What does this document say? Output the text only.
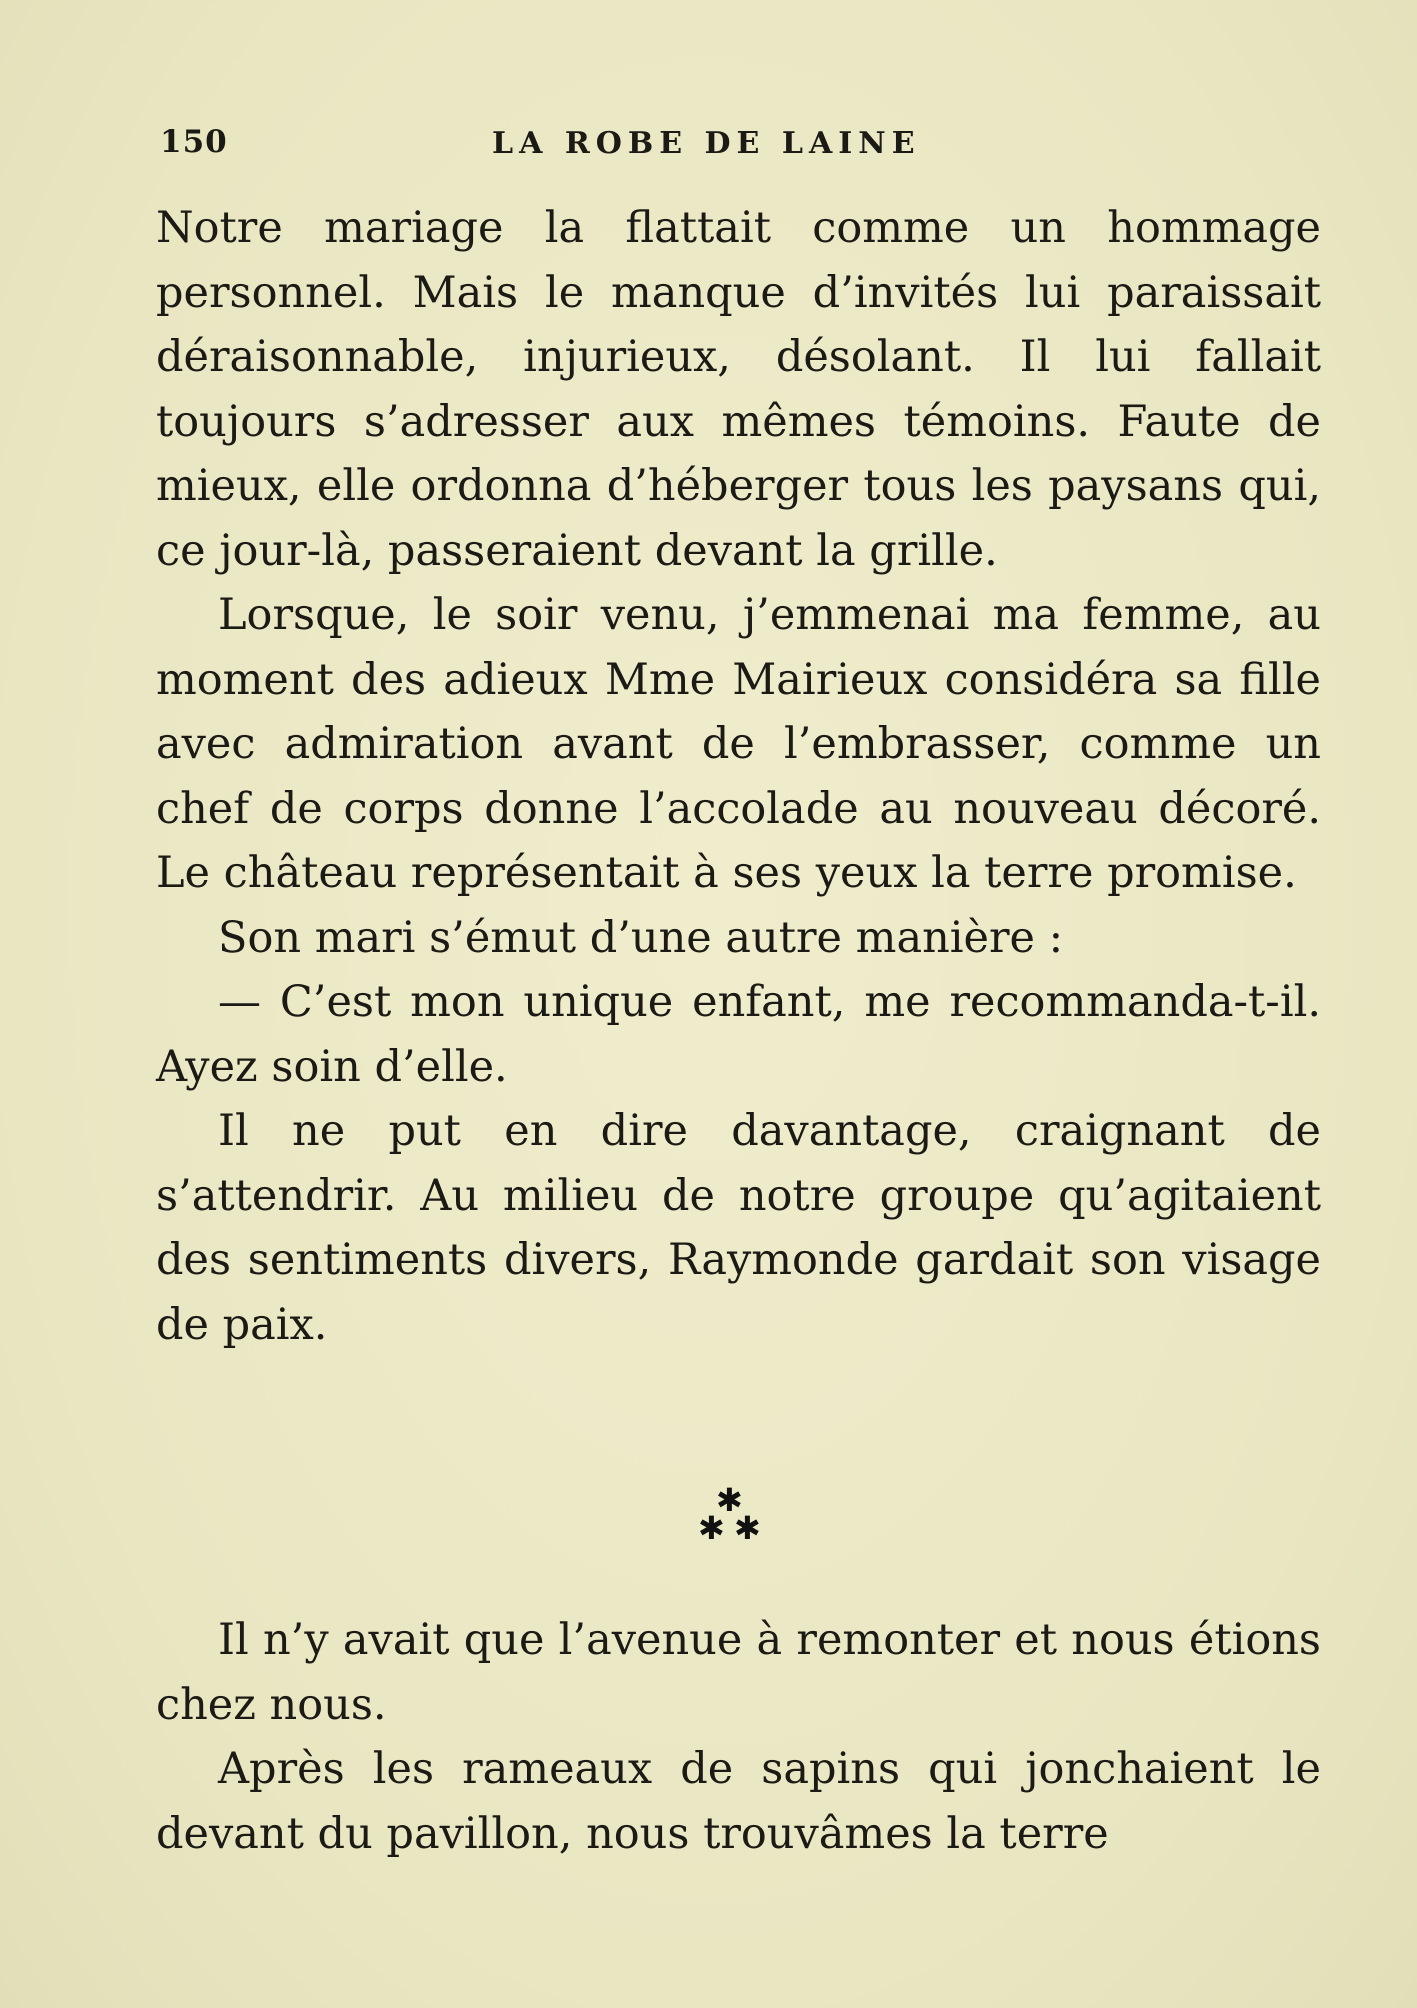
150	LA ROBE DE LAINE

Notre mariage la flattait comme un hommage personnel. Mais le manque d’invités lui paraissait déraisonnable, injurieux, désolant. Il lui fallait toujours s’adresser aux mêmes témoins. Faute de mieux, elle ordonna d’héberger tous les paysans qui, ce jour-là, passeraient devant la grille.

Lorsque, le soir venu, j’emmenai ma femme, au moment des adieux Mme Mairieux considéra sa fille avec admiration avant de l’embrasser, comme un chef de corps donne l’accolade au nouveau décoré. Le château représentait à ses yeux la terre promise.

Son mari s’émut d’une autre manière :

— C’est mon unique enfant, me recommanda-t-il. Ayez soin d’elle.

Il ne put en dire davantage, craignant de s’attendrir. Au milieu de notre groupe qu’agitaient des sentiments divers, Raymonde gardait son visage de paix.

✱
✱ ✱

Il n’y avait que l’avenue à remonter et nous étions chez nous.

Après les rameaux de sapins qui jonchaient le devant du pavillon, nous trouvâmes la terre
